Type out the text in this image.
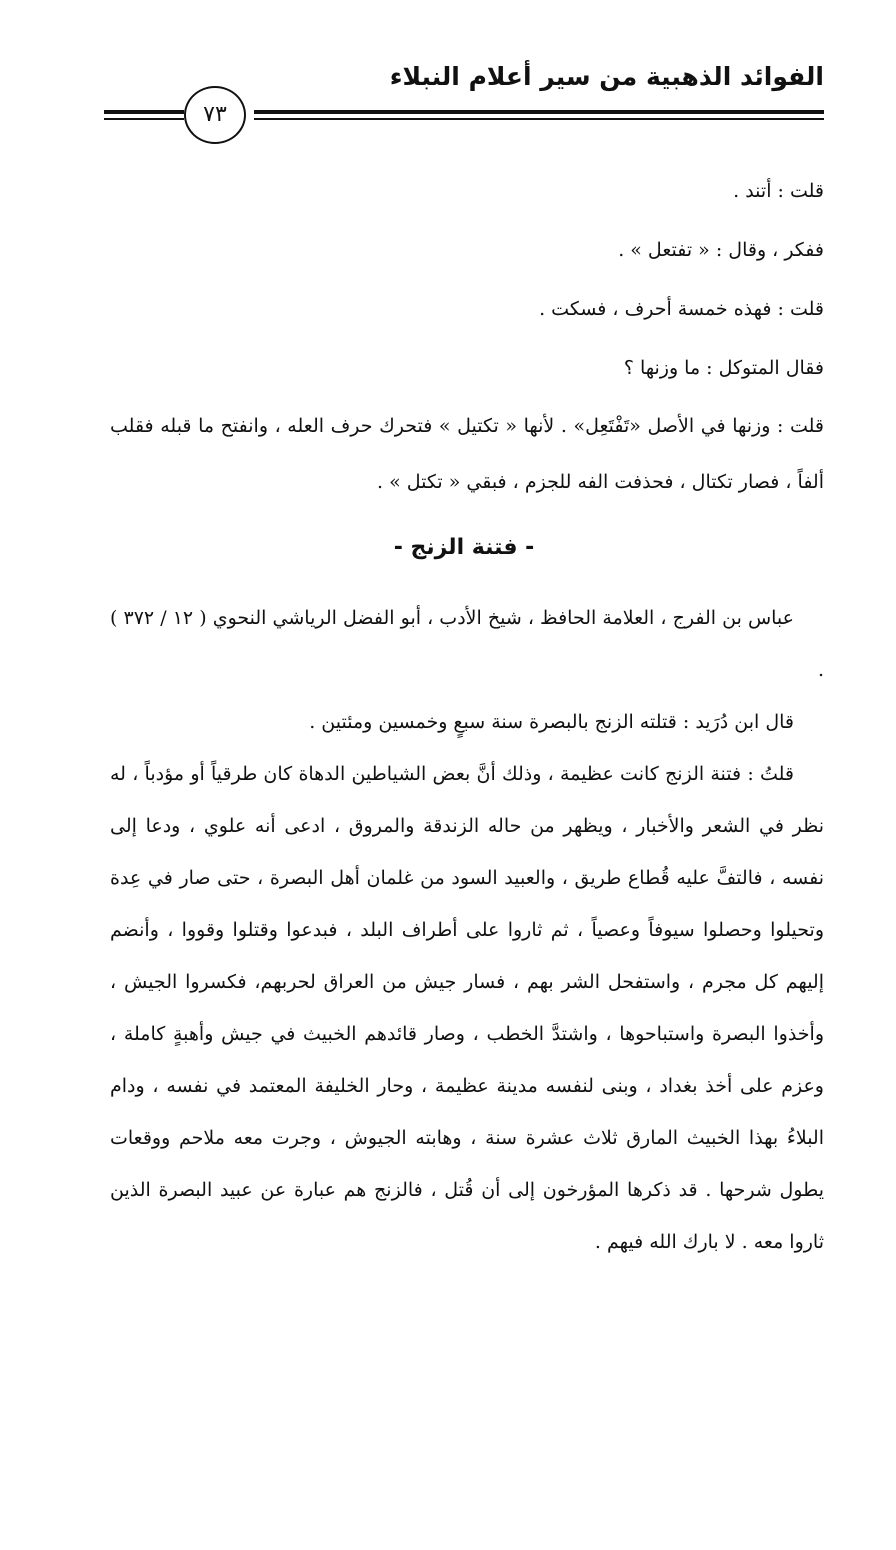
الفوائد الذهبية من سير أعلام النبلاء
٧٣

قلت : أتند .

ففكر ، وقال : « تفتعل » .

قلت : فهذه خمسة أحرف ، فسكت .

فقال المتوكل : ما وزنها ؟

قلت : وزنها في الأصل «تَفْتَعِل» . لأنها « تكتيل » فتحرك حرف العله ، وانفتح ما قبله فقلب ألفاً ، فصار تكتال ، فحذفت الفه للجزم ، فبقي « تكتل » .

- فتنة الزنج -

عباس بن الفرج ، العلامة الحافظ ، شيخ الأدب ، أبو الفضل الرياشي النحوي ( ١٢ / ٣٧٢ ) .

قال ابن دُرَيد : قتلته الزنج بالبصرة سنة سبعٍ وخمسين ومئتين .

قلتُ : فتنة الزنج كانت عظيمة ، وذلك أنَّ بعض الشياطين الدهاة كان طرقياً أو مؤدباً ، له نظر في الشعر والأخبار ، ويظهر من حاله الزندقة والمروق ، ادعى أنه علوي ، ودعا إلى نفسه ، فالتفَّ عليه قُطاع طريق ، والعبيد السود من غلمان أهل البصرة ، حتى صار في عِدة وتحيلوا وحصلوا سيوفاً وعصياً ، ثم ثاروا على أطراف البلد ، فبدعوا وقتلوا وقووا ، وأنضم إليهم كل مجرم ، واستفحل الشر بهم ، فسار جيش من العراق لحربهم، فكسروا الجيش ، وأخذوا البصرة واستباحوها ، واشتدَّ الخطب ، وصار قائدهم الخبيث في جيش وأهبةٍ كاملة ، وعزم على أخذ بغداد ، وبنى لنفسه مدينة عظيمة ، وحار الخليفة المعتمد في نفسه ، ودام البلاءُ بهذا الخبيث المارق ثلاث عشرة سنة ، وهابته الجيوش ، وجرت معه ملاحم ووقعات يطول شرحها . قد ذكرها المؤرخون إلى أن قُتل ، فالزنج هم عبارة عن عبيد البصرة الذين ثاروا معه . لا بارك الله فيهم .
